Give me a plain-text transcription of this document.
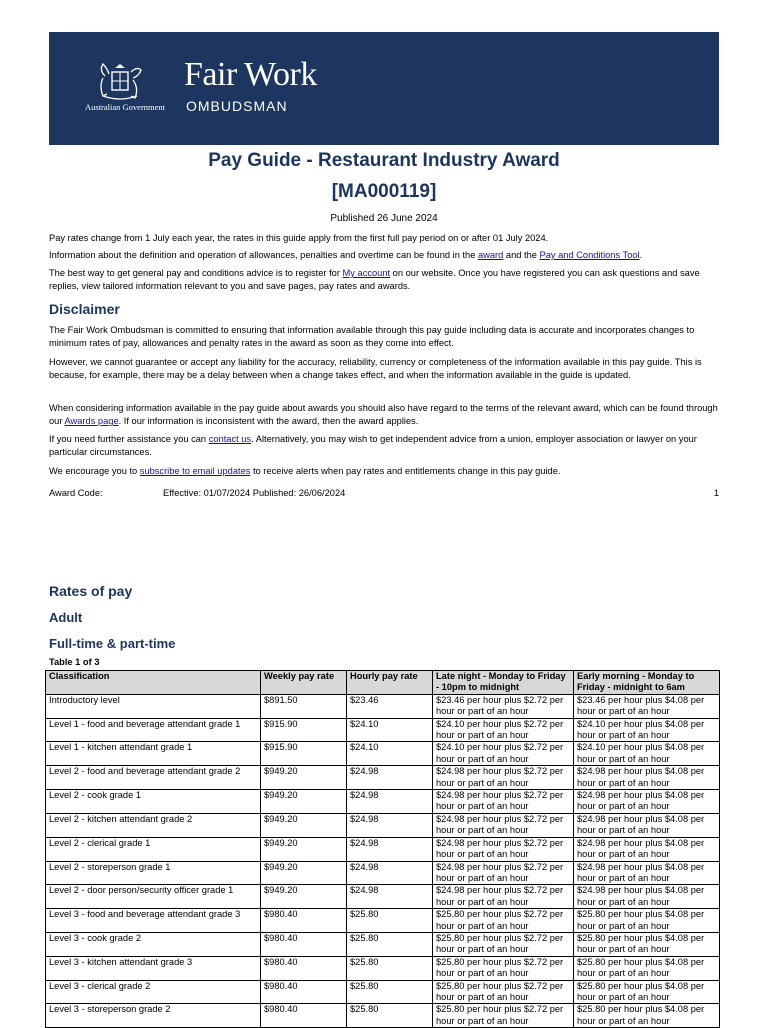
Australian Government
Fair Work
OMBUDSMAN
Pay Guide - Restaurant Industry Award
[MA000119]
Published 26 June 2024

Pay rates change from 1 July each year, the rates in this guide apply from the first full pay period on or after 01 July 2024.

Information about the definition and operation of allowances, penalties and overtime can be found in the award and the Pay and Conditions Tool.

The best way to get general pay and conditions advice is to register for My account on our website. Once you have registered you can ask questions and save replies, view tailored information relevant to you and save pages, pay rates and awards.

Disclaimer

The Fair Work Ombudsman is committed to ensuring that information available through this pay guide including data is accurate and incorporates changes to minimum rates of pay, allowances and penalty rates in the award as soon as they come into effect.

However, we cannot guarantee or accept any liability for the accuracy, reliability, currency or completeness of the information available in this pay guide. This is because, for example, there may be a delay between when a change takes effect, and when the information available in the guide is updated.

When considering information available in the pay guide about awards you should also have regard to the terms of the relevant award, which can be found through our Awards page. If our information is inconsistent with the award, then the award applies.

If you need further assistance you can contact us. Alternatively, you may wish to get independent advice from a union, employer association or lawyer on your particular circumstances.

We encourage you to subscribe to email updates to receive alerts when pay rates and entitlements change in this pay guide.

Award Code:	Effective: 01/07/2024 Published: 26/06/2024	1
Rates of pay
Adult
Full-time & part-time
Table 1 of 3
Classification	Weekly pay rate	Hourly pay rate	Late night - Monday to Friday - 10pm to midnight	Early morning - Monday to Friday - midnight to 6am
Introductory level	$891.50	$23.46	$23.46 per hour plus $2.72 per hour or part of an hour	$23.46 per hour plus $4.08 per hour or part of an hour
Level 1 - food and beverage attendant grade 1	$915.90	$24.10	$24.10 per hour plus $2.72 per hour or part of an hour	$24.10 per hour plus $4.08 per hour or part of an hour
Level 1 - kitchen attendant grade 1	$915.90	$24.10	$24.10 per hour plus $2.72 per hour or part of an hour	$24.10 per hour plus $4.08 per hour or part of an hour
Level 2 - food and beverage attendant grade 2	$949.20	$24.98	$24.98 per hour plus $2.72 per hour or part of an hour	$24.98 per hour plus $4.08 per hour or part of an hour
Level 2 - cook grade 1	$949.20	$24.98	$24.98 per hour plus $2.72 per hour or part of an hour	$24.98 per hour plus $4.08 per hour or part of an hour
Level 2 - kitchen attendant grade 2	$949.20	$24.98	$24.98 per hour plus $2.72 per hour or part of an hour	$24.98 per hour plus $4.08 per hour or part of an hour
Level 2 - clerical grade 1	$949.20	$24.98	$24.98 per hour plus $2.72 per hour or part of an hour	$24.98 per hour plus $4.08 per hour or part of an hour
Level 2 - storeperson grade 1	$949.20	$24.98	$24.98 per hour plus $2.72 per hour or part of an hour	$24.98 per hour plus $4.08 per hour or part of an hour
Level 2 - door person/security officer grade 1	$949.20	$24.98	$24.98 per hour plus $2.72 per hour or part of an hour	$24.98 per hour plus $4.08 per hour or part of an hour
Level 3 - food and beverage attendant grade 3	$980.40	$25.80	$25.80 per hour plus $2.72 per hour or part of an hour	$25.80 per hour plus $4.08 per hour or part of an hour
Level 3 - cook grade 2	$980.40	$25.80	$25.80 per hour plus $2.72 per hour or part of an hour	$25.80 per hour plus $4.08 per hour or part of an hour
Level 3 - kitchen attendant grade 3	$980.40	$25.80	$25.80 per hour plus $2.72 per hour or part of an hour	$25.80 per hour plus $4.08 per hour or part of an hour
Level 3 - clerical grade 2	$980.40	$25.80	$25.80 per hour plus $2.72 per hour or part of an hour	$25.80 per hour plus $4.08 per hour or part of an hour
Level 3 - storeperson grade 2	$980.40	$25.80	$25.80 per hour plus $2.72 per hour or part of an hour	$25.80 per hour plus $4.08 per hour or part of an hour
